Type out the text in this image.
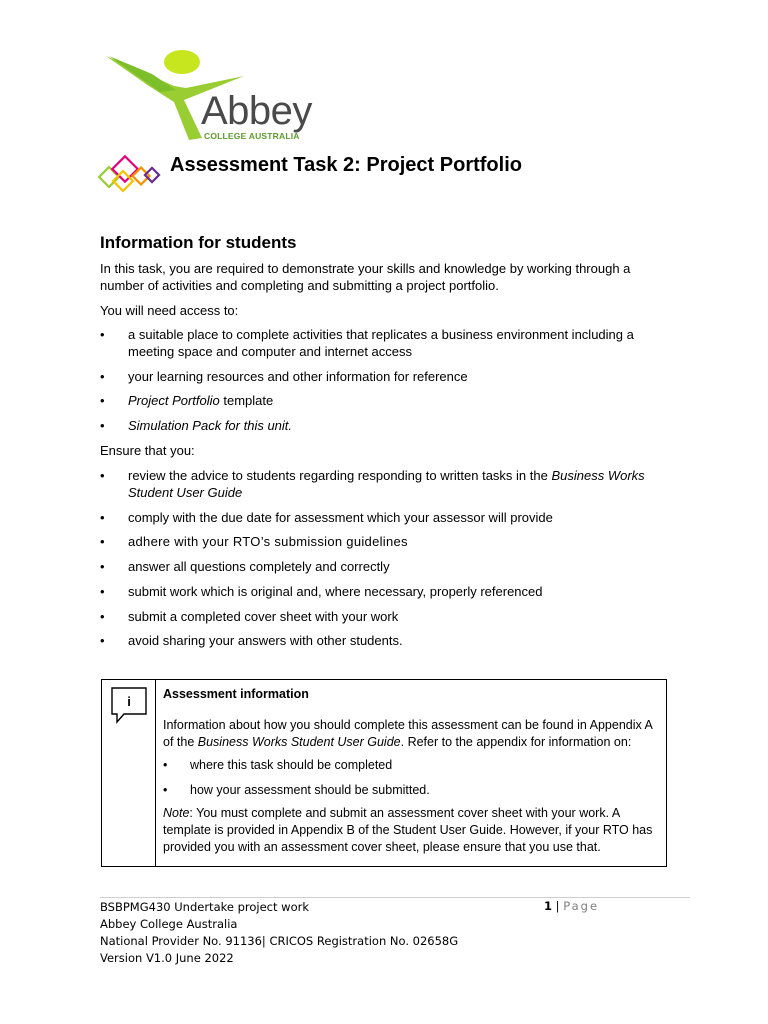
Abbey
COLLEGE AUSTRALIA
Assessment Task 2: Project Portfolio
Information for students
In this task, you are required to demonstrate your skills and knowledge by working through a number of activities and completing and submitting a project portfolio.
You will need access to:
• a suitable place to complete activities that replicates a business environment including a meeting space and computer and internet access
• your learning resources and other information for reference
• Project Portfolio template
• Simulation Pack for this unit.
Ensure that you:
• review the advice to students regarding responding to written tasks in the Business Works Student User Guide
• comply with the due date for assessment which your assessor will provide
• adhere with your RTO’s submission guidelines
• answer all questions completely and correctly
• submit work which is original and, where necessary, properly referenced
• submit a completed cover sheet with your work
• avoid sharing your answers with other students.
i	Assessment information

Information about how you should complete this assessment can be found in Appendix A of the Business Works Student User Guide. Refer to the appendix for information on:

• where this task should be completed
• how your assessment should be submitted.

Note: You must complete and submit an assessment cover sheet with your work. A template is provided in Appendix B of the Student User Guide. However, if your RTO has provided you with an assessment cover sheet, please ensure that you use that.

BSBPMG430 Undertake project work
Abbey College Australia
National Provider No. 91136| CRICOS Registration No. 02658G
Version V1.0 June 2022
1 | Page
